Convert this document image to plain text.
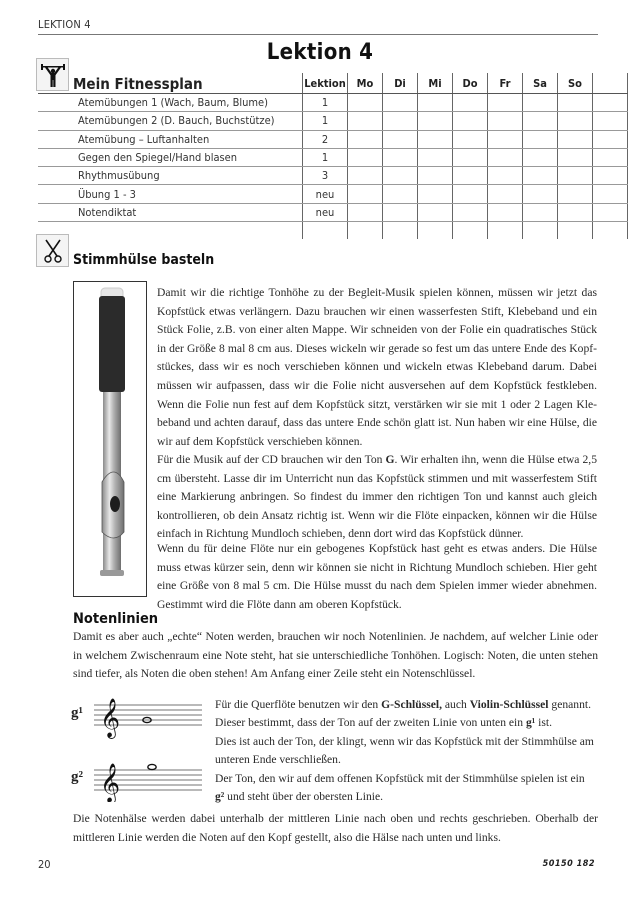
LEKTION 4
Lektion 4
Mein Fitnessplan	Lektion	Mo	Di	Mi	Do	Fr	Sa	So	
Atemübungen 1 (Wach, Baum, Blume)	1								
Atemübungen 2 (D. Bauch, Buchstütze)	1								
Atemübung – Luftanhalten	2								
Gegen den Spiegel/Hand blasen	1								
Rhythmusübung	3								
Übung 1 - 3	neu								
Notendiktat	neu								

Stimmhülse basteln
Damit wir die richtige Tonhöhe zu der Begleit-Musik spielen können, müssen wir jetzt das Kopfstück etwas verlängern. Dazu brauchen wir einen wasserfesten Stift, Klebeband und ein Stück Folie, z.B. von einer alten Mappe. Wir schneiden von der Folie ein quadratisches Stück in der Größe 8 mal 8 cm aus. Dieses wickeln wir gerade so fest um das untere Ende des Kopfstückes, dass wir es noch verschieben können und wickeln etwas Klebeband darum. Dabei müssen wir aufpassen, dass wir die Folie nicht ausversehen auf dem Kopfstück festkleben. Wenn die Folie nun fest auf dem Kopfstück sitzt, verstärken wir sie mit 1 oder 2 Lagen Klebeband und achten darauf, dass das untere Ende schön glatt ist. Nun haben wir eine Hülse, die wir auf dem Kopfstück verschieben können.
Für die Musik auf der CD brauchen wir den Ton G. Wir erhalten ihn, wenn die Hülse etwa 2,5 cm übersteht. Lasse dir im Unterricht nun das Kopfstück stimmen und mit wasserfestem Stift eine Markierung anbringen. So findest du immer den richtigen Ton und kannst auch gleich kontrollieren, ob dein Ansatz richtig ist. Wenn wir die Flöte einpacken, können wir die Hülse einfach in Richtung Mundloch schieben, denn dort wird das Kopfstück dünner.
Wenn du für deine Flöte nur ein gebogenes Kopfstück hast geht es etwas anders. Die Hülse muss etwas kürzer sein, denn wir können sie nicht in Richtung Mundloch schieben. Hier geht eine Größe von 8 mal 5 cm. Die Hülse musst du nach dem Spielen immer wieder abnehmen. Gestimmt wird die Flöte dann am oberen Kopfstück.
Notenlinien
Damit es aber auch „echte“ Noten werden, brauchen wir noch Notenlinien. Je nachdem, auf welcher Linie oder in welchem Zwischenraum eine Note steht, hat sie unterschiedliche Tonhöhen. Logisch: Noten, die unten stehen sind tiefer, als Noten die oben stehen! Am Anfang einer Zeile steht ein Notenschlüssel.
g¹ 𝄞
g² 𝄞
Für die Querflöte benutzen wir den G-Schlüssel, auch Violin-Schlüssel genannt.
Dieser bestimmt, dass der Ton auf der zweiten Linie von unten ein g¹ ist.
Dies ist auch der Ton, der klingt, wenn wir das Kopfstück mit der Stimmhülse am unteren Ende verschließen.
Der Ton, den wir auf dem offenen Kopfstück mit der Stimmhülse spielen ist ein
g² und steht über der obersten Linie.
Die Notenhälse werden dabei unterhalb der mittleren Linie nach oben und rechts geschrieben. Oberhalb der mittleren Linie werden die Noten auf den Kopf gestellt, also die Hälse nach unten und links.
20	50150 182
